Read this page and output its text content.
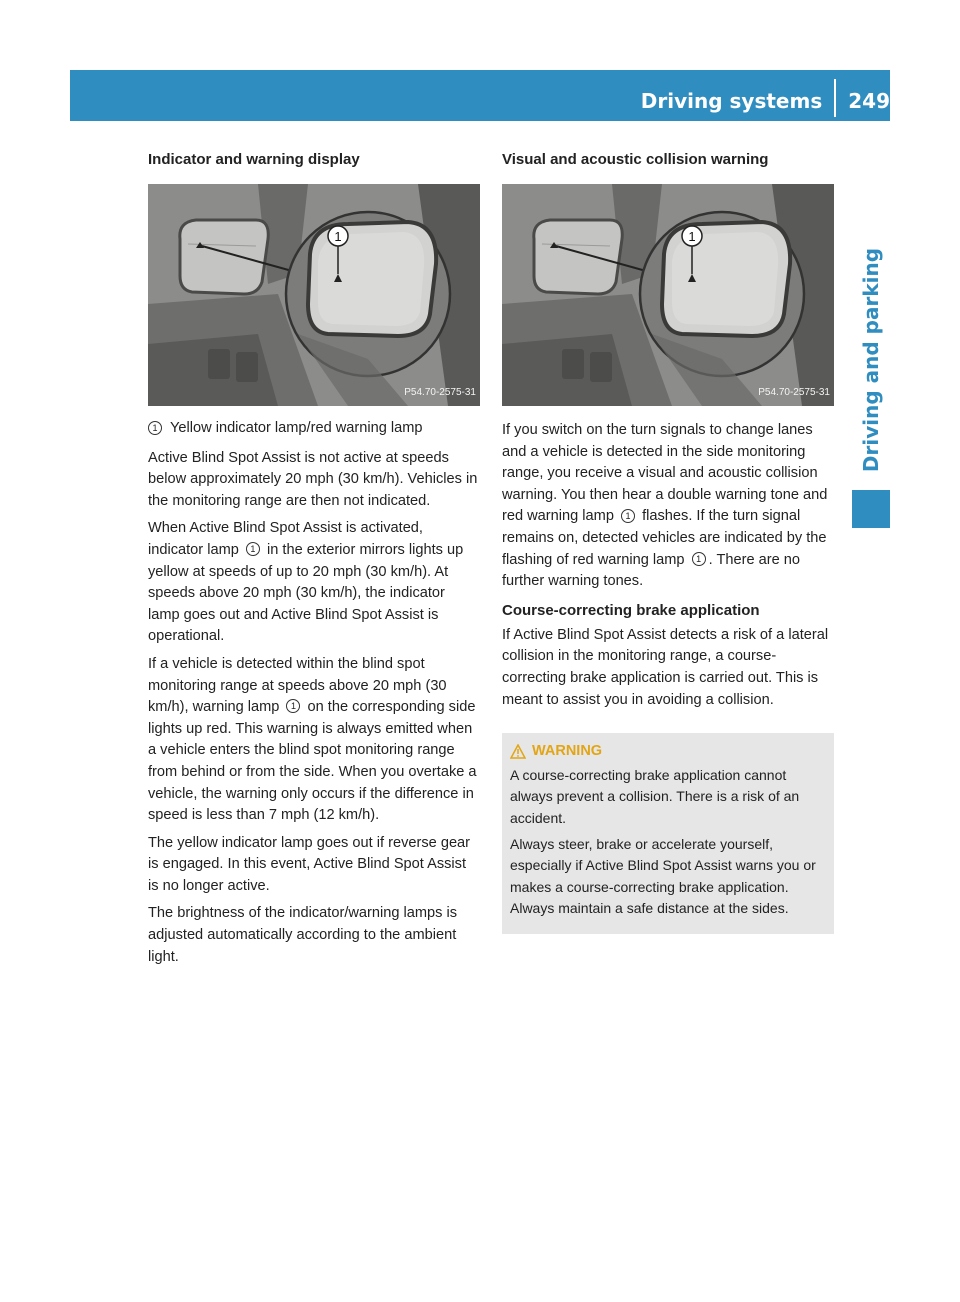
Driving systems 249
Driving and parking
Indicator and warning display
1
P54.70-2575-31
1 Yellow indicator lamp/red warning lamp

Active Blind Spot Assist is not active at speeds below approximately 20 mph (30 km/h). Vehicles in the monitoring range are then not indicated.

When Active Blind Spot Assist is activated, indicator lamp 1 in the exterior mirrors lights up yellow at speeds of up to 20 mph (30 km/h). At speeds above 20 mph (30 km/h), the indicator lamp goes out and Active Blind Spot Assist is operational.

If a vehicle is detected within the blind spot monitoring range at speeds above 20 mph (30 km/h), warning lamp 1 on the corresponding side lights up red. This warning is always emitted when a vehicle enters the blind spot monitoring range from behind or from the side. When you overtake a vehicle, the warning only occurs if the difference in speed is less than 7 mph (12 km/h).

The yellow indicator lamp goes out if reverse gear is engaged. In this event, Active Blind Spot Assist is no longer active.

The brightness of the indicator/warning lamps is adjusted automatically according to the ambient light.

Visual and acoustic collision warning
1
P54.70-2575-31

If you switch on the turn signals to change lanes and a vehicle is detected in the side monitoring range, you receive a visual and acoustic collision warning. You then hear a double warning tone and red warning lamp 1 flashes. If the turn signal remains on, detected vehicles are indicated by the flashing of red warning lamp 1 . There are no further warning tones.

Course-correcting brake application

If Active Blind Spot Assist detects a risk of a lateral collision in the monitoring range, a course-correcting brake application is carried out. This is meant to assist you in avoiding a collision.

WARNING

A course-correcting brake application cannot always prevent a collision. There is a risk of an accident.

Always steer, brake or accelerate yourself, especially if Active Blind Spot Assist warns you or makes a course-correcting brake application. Always maintain a safe distance at the sides.
